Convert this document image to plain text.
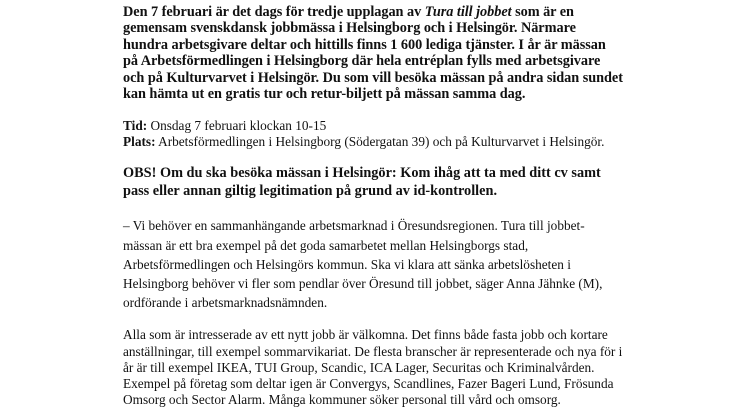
Den 7 februari är det dags för tredje upplagan av Tura till jobbet som är en gemensam svenskdansk jobbmässa i Helsingborg och i Helsingör. Närmare hundra arbetsgivare deltar och hittills finns 1 600 lediga tjänster. I år är mässan på Arbetsförmedlingen i Helsingborg där hela entréplan fylls med arbetsgivare och på Kulturvarvet i Helsingör. Du som vill besöka mässan på andra sidan sundet kan hämta ut en gratis tur och retur-biljett på mässan samma dag.

Tid: Onsdag 7 februari klockan 10-15
Plats: Arbetsförmedlingen i Helsingborg (Södergatan 39) och på Kulturvarvet i Helsingör.

OBS! Om du ska besöka mässan i Helsingör: Kom ihåg att ta med ditt cv samt pass eller annan giltig legitimation på grund av id-kontrollen.

– Vi behöver en sammanhängande arbetsmarknad i Öresundsregionen. Tura till jobbet-mässan är ett bra exempel på det goda samarbetet mellan Helsingborgs stad, Arbetsförmedlingen och Helsingörs kommun. Ska vi klara att sänka arbetslösheten i Helsingborg behöver vi fler som pendlar över Öresund till jobbet, säger Anna Jähnke (M), ordförande i arbetsmarknadsnämnden.

Alla som är intresserade av ett nytt jobb är välkomna. Det finns både fasta jobb och kortare anställningar, till exempel sommarvikariat. De flesta branscher är representerade och nya för i år är till exempel IKEA, TUI Group, Scandic, ICA Lager, Securitas och Kriminalvården. Exempel på företag som deltar igen är Convergys, Scandlines, Fazer Bageri Lund, Frösunda Omsorg och Sector Alarm. Många kommuner söker personal till vård och omsorg.
